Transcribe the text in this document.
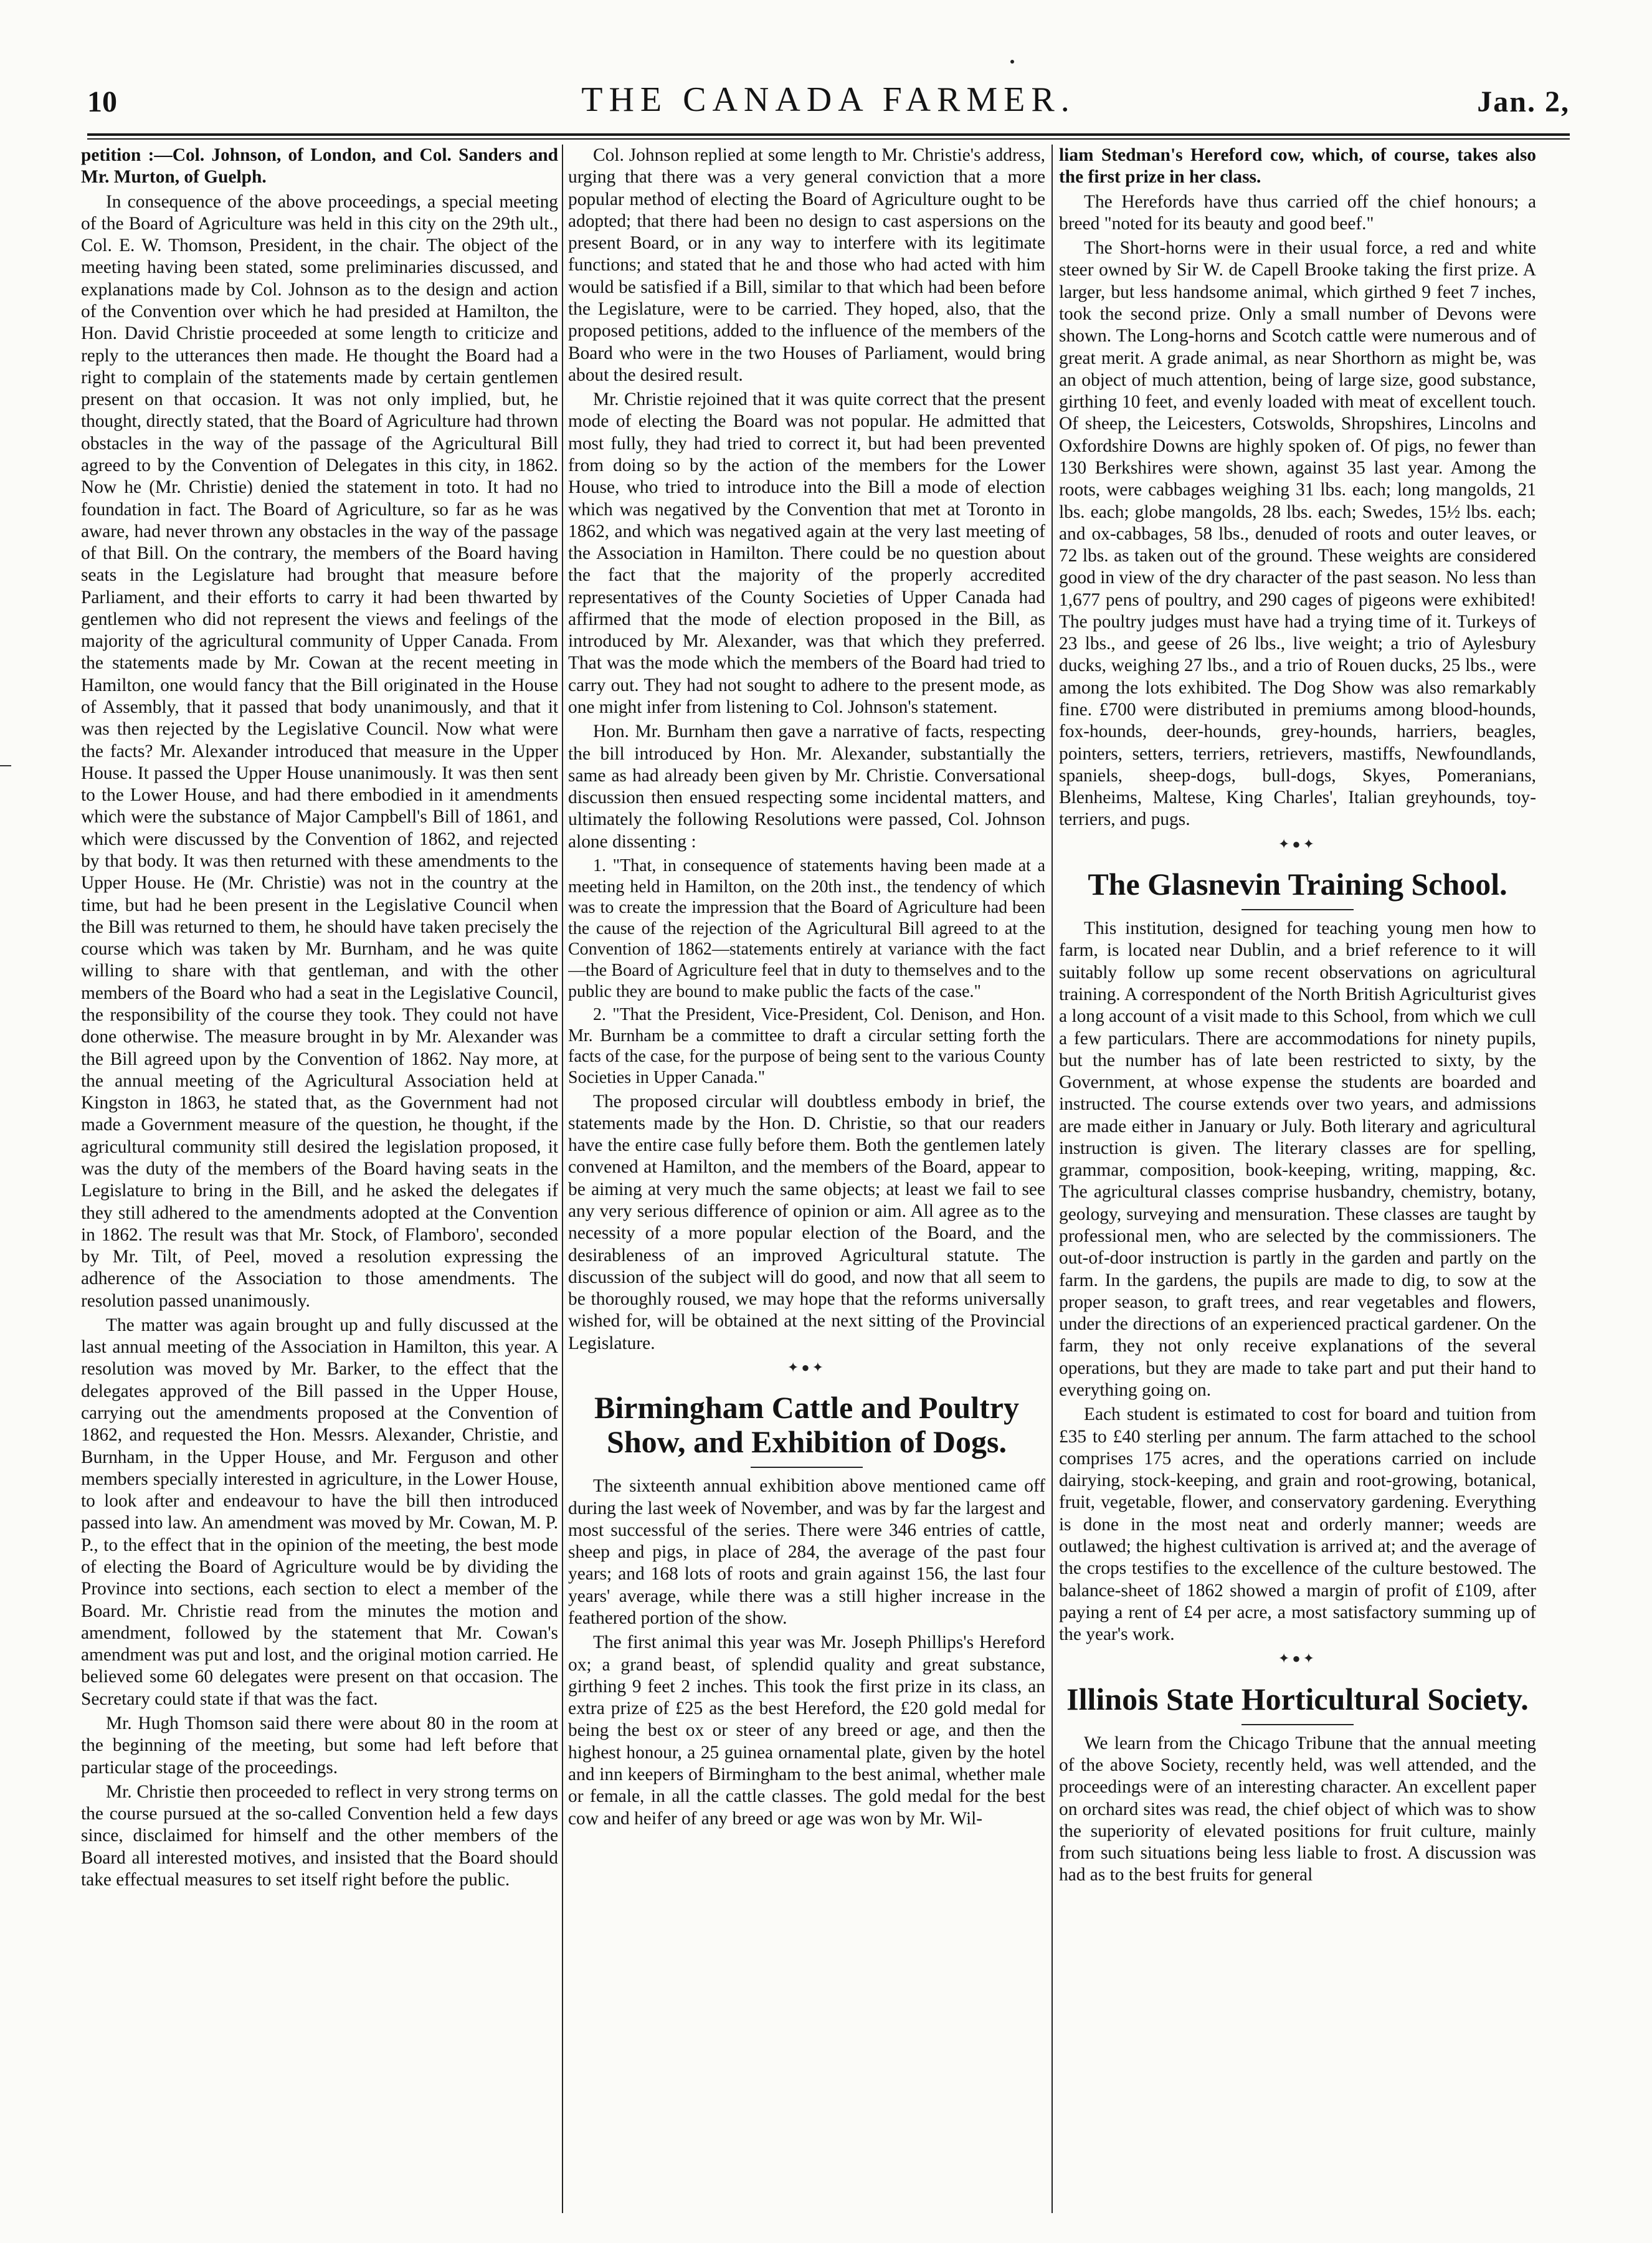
10	THE CANADA FARMER.	Jan. 2,

petition :—Col. Johnson, of London, and Col. Sanders and Mr. Murton, of Guelph.

In consequence of the above proceedings, a special meeting of the Board of Agriculture was held in this city on the 29th ult., Col. E. W. Thomson, President, in the chair. The object of the meeting having been stated, some preliminaries discussed, and explanations made by Col. Johnson as to the design and action of the Convention over which he had presided at Hamilton, the Hon. David Christie proceeded at some length to criticize and reply to the utterances then made. He thought the Board had a right to complain of the statements made by certain gentlemen present on that occasion. It was not only implied, but, he thought, directly stated, that the Board of Agriculture had thrown obstacles in the way of the passage of the Agricultural Bill agreed to by the Convention of Delegates in this city, in 1862. Now he (Mr. Christie) denied the statement in toto. It had no foundation in fact. The Board of Agriculture, so far as he was aware, had never thrown any obstacles in the way of the passage of that Bill. On the contrary, the members of the Board having seats in the Legislature had brought that measure before Parliament, and their efforts to carry it had been thwarted by gentlemen who did not represent the views and feelings of the majority of the agricultural community of Upper Canada. From the statements made by Mr. Cowan at the recent meeting in Hamilton, one would fancy that the Bill originated in the House of Assembly, that it passed that body unanimously, and that it was then rejected by the Legislative Council. Now what were the facts? Mr. Alexander introduced that measure in the Upper House. It passed the Upper House unanimously. It was then sent to the Lower House, and had there embodied in it amendments which were the substance of Major Campbell's Bill of 1861, and which were discussed by the Convention of 1862, and rejected by that body. It was then returned with these amendments to the Upper House. He (Mr. Christie) was not in the country at the time, but had he been present in the Legislative Council when the Bill was returned to them, he should have taken precisely the course which was taken by Mr. Burnham, and he was quite willing to share with that gentleman, and with the other members of the Board who had a seat in the Legislative Council, the responsibility of the course they took. They could not have done otherwise. The measure brought in by Mr. Alexander was the Bill agreed upon by the Convention of 1862. Nay more, at the annual meeting of the Agricultural Association held at Kingston in 1863, he stated that, as the Government had not made a Government measure of the question, he thought, if the agricultural community still desired the legislation proposed, it was the duty of the members of the Board having seats in the Legislature to bring in the Bill, and he asked the delegates if they still adhered to the amendments adopted at the Convention in 1862. The result was that Mr. Stock, of Flamboro', seconded by Mr. Tilt, of Peel, moved a resolution expressing the adherence of the Association to those amendments. The resolution passed unanimously.

The matter was again brought up and fully discussed at the last annual meeting of the Association in Hamilton, this year. A resolution was moved by Mr. Barker, to the effect that the delegates approved of the Bill passed in the Upper House, carrying out the amendments proposed at the Convention of 1862, and requested the Hon. Messrs. Alexander, Christie, and Burnham, in the Upper House, and Mr. Ferguson and other members specially interested in agriculture, in the Lower House, to look after and endeavour to have the bill then introduced passed into law. An amendment was moved by Mr. Cowan, M. P. P., to the effect that in the opinion of the meeting, the best mode of electing the Board of Agriculture would be by dividing the Province into sections, each section to elect a member of the Board. Mr. Christie read from the minutes the motion and amendment, followed by the statement that Mr. Cowan's amendment was put and lost, and the original motion carried. He believed some 60 delegates were present on that occasion. The Secretary could state if that was the fact.

Mr. Hugh Thomson said there were about 80 in the room at the beginning of the meeting, but some had left before that particular stage of the proceedings.

Mr. Christie then proceeded to reflect in very strong terms on the course pursued at the so-called Convention held a few days since, disclaimed for himself and the other members of the Board all interested motives, and insisted that the Board should take effectual measures to set itself right before the public.

Col. Johnson replied at some length to Mr. Christie's address, urging that there was a very general conviction that a more popular method of electing the Board of Agriculture ought to be adopted; that there had been no design to cast aspersions on the present Board, or in any way to interfere with its legitimate functions; and stated that he and those who had acted with him would be satisfied if a Bill, similar to that which had been before the Legislature, were to be carried. They hoped, also, that the proposed petitions, added to the influence of the members of the Board who were in the two Houses of Parliament, would bring about the desired result.

Mr. Christie rejoined that it was quite correct that the present mode of electing the Board was not popular. He admitted that most fully, they had tried to correct it, but had been prevented from doing so by the action of the members for the Lower House, who tried to introduce into the Bill a mode of election which was negatived by the Convention that met at Toronto in 1862, and which was negatived again at the very last meeting of the Association in Hamilton. There could be no question about the fact that the majority of the properly accredited representatives of the County Societies of Upper Canada had affirmed that the mode of election proposed in the Bill, as introduced by Mr. Alexander, was that which they preferred. That was the mode which the members of the Board had tried to carry out. They had not sought to adhere to the present mode, as one might infer from listening to Col. Johnson's statement.

Hon. Mr. Burnham then gave a narrative of facts, respecting the bill introduced by Hon. Mr. Alexander, substantially the same as had already been given by Mr. Christie. Conversational discussion then ensued respecting some incidental matters, and ultimately the following Resolutions were passed, Col. Johnson alone dissenting :

1. "That, in consequence of statements having been made at a meeting held in Hamilton, on the 20th inst., the tendency of which was to create the impression that the Board of Agriculture had been the cause of the rejection of the Agricultural Bill agreed to at the Convention of 1862—statements entirely at variance with the fact—the Board of Agriculture feel that in duty to themselves and to the public they are bound to make public the facts of the case."

2. "That the President, Vice-President, Col. Denison, and Hon. Mr. Burnham be a committee to draft a circular setting forth the facts of the case, for the purpose of being sent to the various County Societies in Upper Canada."

The proposed circular will doubtless embody in brief, the statements made by the Hon. D. Christie, so that our readers have the entire case fully before them. Both the gentlemen lately convened at Hamilton, and the members of the Board, appear to be aiming at very much the same objects; at least we fail to see any very serious difference of opinion or aim. All agree as to the necessity of a more popular election of the Board, and the desirableness of an improved Agricultural statute. The discussion of the subject will do good, and now that all seem to be thoroughly roused, we may hope that the reforms universally wished for, will be obtained at the next sitting of the Provincial Legislature.

✦●✦
Birmingham Cattle and Poultry Show, and Exhibition of Dogs.

The sixteenth annual exhibition above mentioned came off during the last week of November, and was by far the largest and most successful of the series. There were 346 entries of cattle, sheep and pigs, in place of 284, the average of the past four years; and 168 lots of roots and grain against 156, the last four years' average, while there was a still higher increase in the feathered portion of the show.

The first animal this year was Mr. Joseph Phillips's Hereford ox; a grand beast, of splendid quality and great substance, girthing 9 feet 2 inches. This took the first prize in its class, an extra prize of £25 as the best Hereford, the £20 gold medal for being the best ox or steer of any breed or age, and then the highest honour, a 25 guinea ornamental plate, given by the hotel and inn keepers of Birmingham to the best animal, whether male or female, in all the cattle classes. The gold medal for the best cow and heifer of any breed or age was won by Mr. Wil-

liam Stedman's Hereford cow, which, of course, takes also the first prize in her class.

The Herefords have thus carried off the chief honours; a breed "noted for its beauty and good beef."

The Short-horns were in their usual force, a red and white steer owned by Sir W. de Capell Brooke taking the first prize. A larger, but less handsome animal, which girthed 9 feet 7 inches, took the second prize. Only a small number of Devons were shown. The Long-horns and Scotch cattle were numerous and of great merit. A grade animal, as near Shorthorn as might be, was an object of much attention, being of large size, good substance, girthing 10 feet, and evenly loaded with meat of excellent touch. Of sheep, the Leicesters, Cotswolds, Shropshires, Lincolns and Oxfordshire Downs are highly spoken of. Of pigs, no fewer than 130 Berkshires were shown, against 35 last year. Among the roots, were cabbages weighing 31 lbs. each; long mangolds, 21 lbs. each; globe mangolds, 28 lbs. each; Swedes, 15½ lbs. each; and ox-cabbages, 58 lbs., denuded of roots and outer leaves, or 72 lbs. as taken out of the ground. These weights are considered good in view of the dry character of the past season. No less than 1,677 pens of poultry, and 290 cages of pigeons were exhibited! The poultry judges must have had a trying time of it. Turkeys of 23 lbs., and geese of 26 lbs., live weight; a trio of Aylesbury ducks, weighing 27 lbs., and a trio of Rouen ducks, 25 lbs., were among the lots exhibited. The Dog Show was also remarkably fine. £700 were distributed in premiums among blood-hounds, fox-hounds, deer-hounds, grey-hounds, harriers, beagles, pointers, setters, terriers, retrievers, mastiffs, Newfoundlands, spaniels, sheep-dogs, bull-dogs, Skyes, Pomeranians, Blenheims, Maltese, King Charles', Italian greyhounds, toy-terriers, and pugs.

✦●✦
The Glasnevin Training School.

This institution, designed for teaching young men how to farm, is located near Dublin, and a brief reference to it will suitably follow up some recent observations on agricultural training. A correspondent of the North British Agriculturist gives a long account of a visit made to this School, from which we cull a few particulars. There are accommodations for ninety pupils, but the number has of late been restricted to sixty, by the Government, at whose expense the students are boarded and instructed. The course extends over two years, and admissions are made either in January or July. Both literary and agricultural instruction is given. The literary classes are for spelling, grammar, composition, book-keeping, writing, mapping, &c. The agricultural classes comprise husbandry, chemistry, botany, geology, surveying and mensuration. These classes are taught by professional men, who are selected by the commissioners. The out-of-door instruction is partly in the garden and partly on the farm. In the gardens, the pupils are made to dig, to sow at the proper season, to graft trees, and rear vegetables and flowers, under the directions of an experienced practical gardener. On the farm, they not only receive explanations of the several operations, but they are made to take part and put their hand to everything going on.

Each student is estimated to cost for board and tuition from £35 to £40 sterling per annum. The farm attached to the school comprises 175 acres, and the operations carried on include dairying, stock-keeping, and grain and root-growing, botanical, fruit, vegetable, flower, and conservatory gardening. Everything is done in the most neat and orderly manner; weeds are outlawed; the highest cultivation is arrived at; and the average of the crops testifies to the excellence of the culture bestowed. The balance-sheet of 1862 showed a margin of profit of £109, after paying a rent of £4 per acre, a most satisfactory summing up of the year's work.

✦●✦
Illinois State Horticultural Society.

We learn from the Chicago Tribune that the annual meeting of the above Society, recently held, was well attended, and the proceedings were of an interesting character. An excellent paper on orchard sites was read, the chief object of which was to show the superiority of elevated positions for fruit culture, mainly from such situations being less liable to frost. A discussion was had as to the best fruits for general
